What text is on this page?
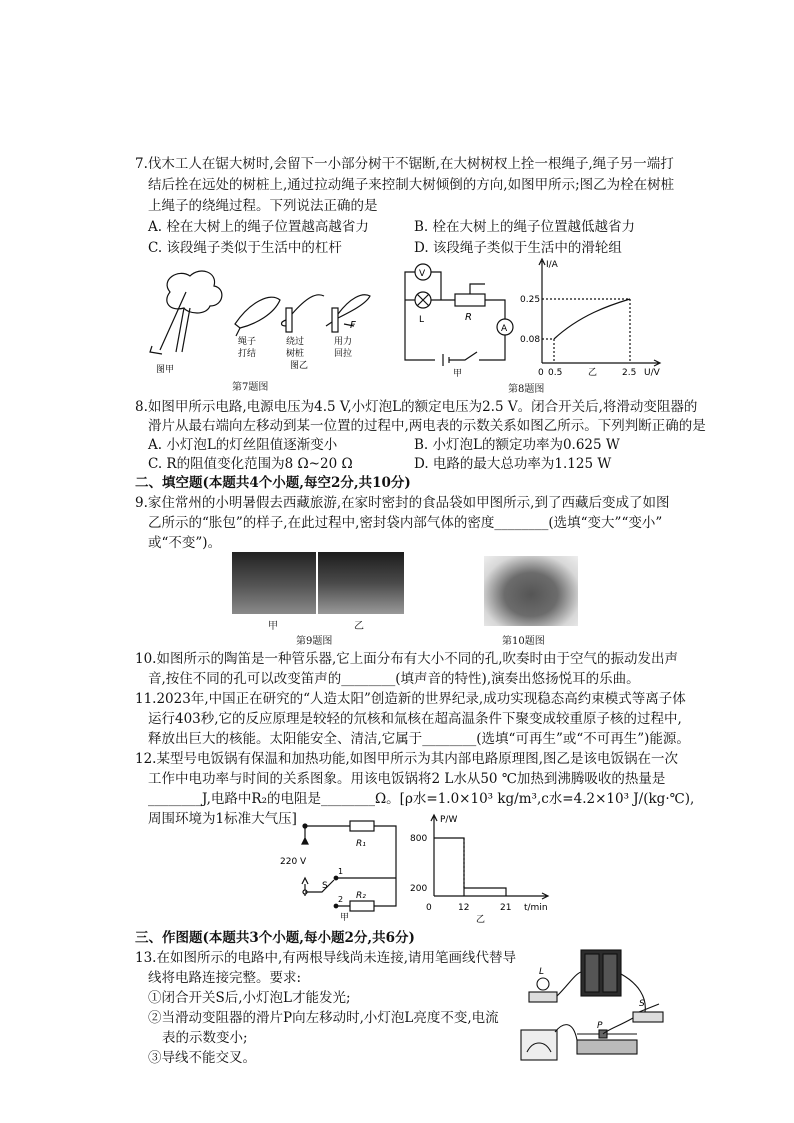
7.伐木工人在锯大树时,会留下一小部分树干不锯断,在大树树杈上拴一根绳子,绳子另一端打
结后拴在远处的树桩上,通过拉动绳子来控制大树倾倒的方向,如图甲所示;图乙为栓在树桩
上绳子的绕绳过程。下列说法正确的是
A. 栓在大树上的绳子位置越高越省力	B. 栓在大树上的绳子位置越低越省力
C. 该段绳子类似于生活中的杠杆	D. 该段绳子类似于生活中的滑轮组
图甲
绳子
打结
绕过
树桩
图乙
用力
回拉
F
第7题图
V
L	R
A
甲
I/A
0.25
0.08
0 0.5	2.5 U/V
乙
第8题图
8.如图甲所示电路,电源电压为4.5 V,小灯泡L的额定电压为2.5 V。闭合开关后,将滑动变阻器的
滑片从最右端向左移动到某一位置的过程中,两电表的示数关系如图乙所示。下列判断正确的是
A. 小灯泡L的灯丝阻值逐渐变小	B. 小灯泡L的额定功率为0.625 W
C. R的阻值变化范围为8 Ω~20 Ω	D. 电路的最大总功率为1.125 W
二、填空题(本题共4个小题,每空2分,共10分)
9.家住常州的小明暑假去西藏旅游,在家时密封的食品袋如甲图所示,到了西藏后变成了如图
乙所示的“胀包”的样子,在此过程中,密封袋内部气体的密度________(选填“变大”“变小”
或“不变”)。
甲	乙
第9题图	第10题图
10.如图所示的陶笛是一种管乐器,它上面分布有大小不同的孔,吹奏时由于空气的振动发出声
音,按住不同的孔可以改变笛声的________(填声音的特性),演奏出悠扬悦耳的乐曲。
11.2023年,中国正在研究的“人造太阳”创造新的世界纪录,成功实现稳态高约束模式等离子体
运行403秒,它的反应原理是较轻的氘核和氚核在超高温条件下聚变成较重原子核的过程中,
释放出巨大的核能。太阳能安全、清洁,它属于________(选填“可再生”或“不可再生”)能源。
12.某型号电饭锅有保温和加热功能,如图甲所示为其内部电路原理图,图乙是该电饭锅在一次
工作中电功率与时间的关系图象。用该电饭锅将2 L水从50 ℃加热到沸腾吸收的热量是
________J,电路中R₂的电阻是________Ω。[ρ水=1.0×10³ kg/m³,c水=4.2×10³ J/(kg·℃),
周围环境为1标准大气压]
220 V
R₁
R₂
S
1
2
甲
P/W
800
200
0	12	21 t/min
乙
三、作图题(本题共3个小题,每小题2分,共6分)
13.在如图所示的电路中,有两根导线尚未连接,请用笔画线代替导
线将电路连接完整。要求:
①闭合开关S后,小灯泡L才能发光;
②当滑动变阻器的滑片P向左移动时,小灯泡L亮度不变,电流
表的示数变小;
③导线不能交叉。
L
S
P
